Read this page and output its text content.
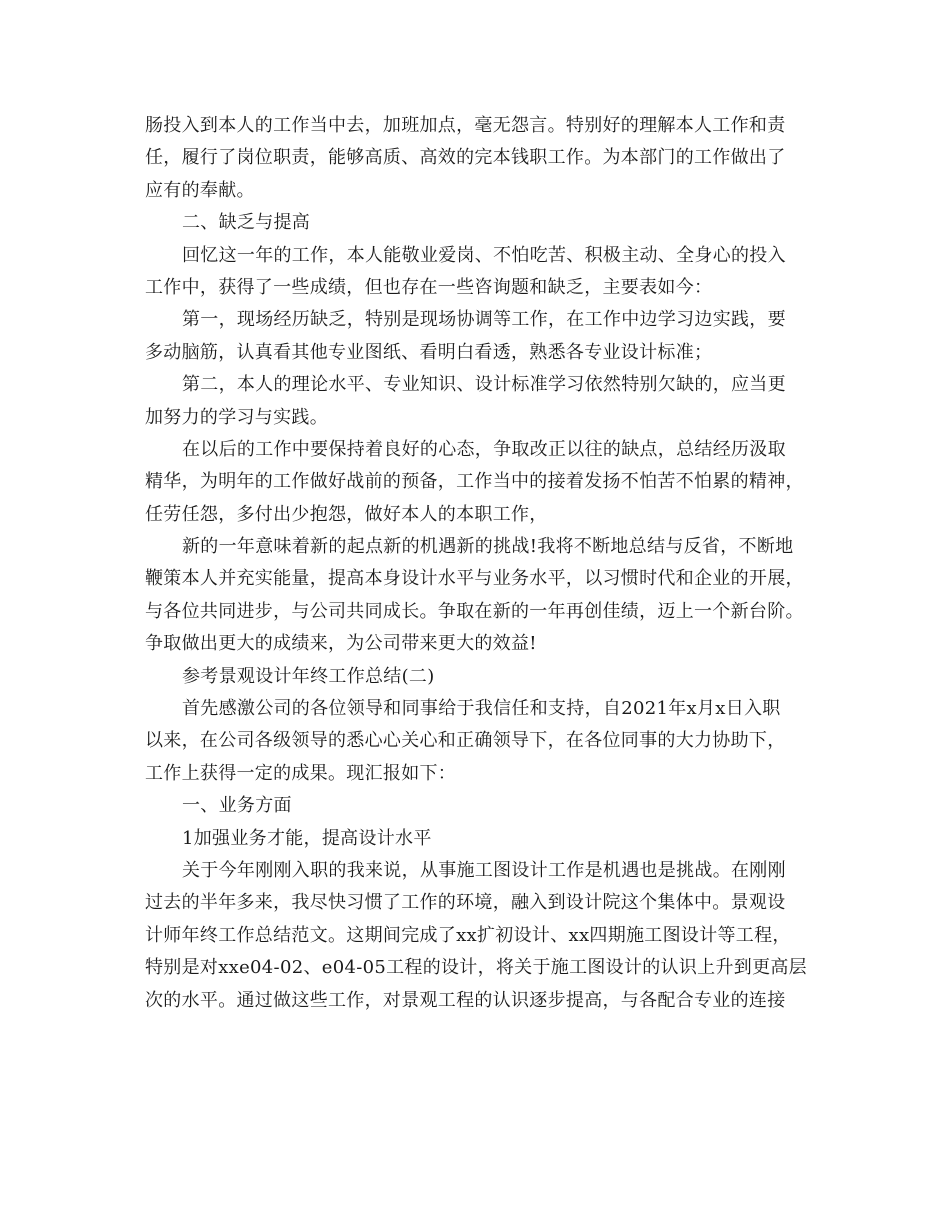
肠投入到本人的工作当中去，加班加点，毫无怨言。特别好的理解本人工作和责
任，履行了岗位职责，能够高质、高效的完本钱职工作。为本部门的工作做出了
应有的奉献。
二、缺乏与提高
回忆这一年的工作，本人能敬业爱岗、不怕吃苦、积极主动、全身心的投入
工作中，获得了一些成绩，但也存在一些咨询题和缺乏，主要表如今：
第一，现场经历缺乏，特别是现场协调等工作，在工作中边学习边实践，要
多动脑筋，认真看其他专业图纸、看明白看透，熟悉各专业设计标准；
第二，本人的理论水平、专业知识、设计标准学习依然特别欠缺的，应当更
加努力的学习与实践。
在以后的工作中要保持着良好的心态，争取改正以往的缺点，总结经历汲取
精华，为明年的工作做好战前的预备，工作当中的接着发扬不怕苦不怕累的精神，
任劳任怨，多付出少抱怨，做好本人的本职工作，
新的一年意味着新的起点新的机遇新的挑战!我将不断地总结与反省，不断地
鞭策本人并充实能量，提高本身设计水平与业务水平，以习惯时代和企业的开展，
与各位共同进步，与公司共同成长。争取在新的一年再创佳绩，迈上一个新台阶。
争取做出更大的成绩来，为公司带来更大的效益!
参考景观设计年终工作总结(二)
首先感激公司的各位领导和同事给于我信任和支持，自2021年x月x日入职
以来，在公司各级领导的悉心心关心和正确领导下，在各位同事的大力协助下，
工作上获得一定的成果。现汇报如下：
一、业务方面
1加强业务才能，提高设计水平
关于今年刚刚入职的我来说，从事施工图设计工作是机遇也是挑战。在刚刚
过去的半年多来，我尽快习惯了工作的环境，融入到设计院这个集体中。景观设
计师年终工作总结范文。这期间完成了xx扩初设计、xx四期施工图设计等工程，
特别是对xxe04-02、e04-05工程的设计，将关于施工图设计的认识上升到更高层
次的水平。通过做这些工作，对景观工程的认识逐步提高，与各配合专业的连接
